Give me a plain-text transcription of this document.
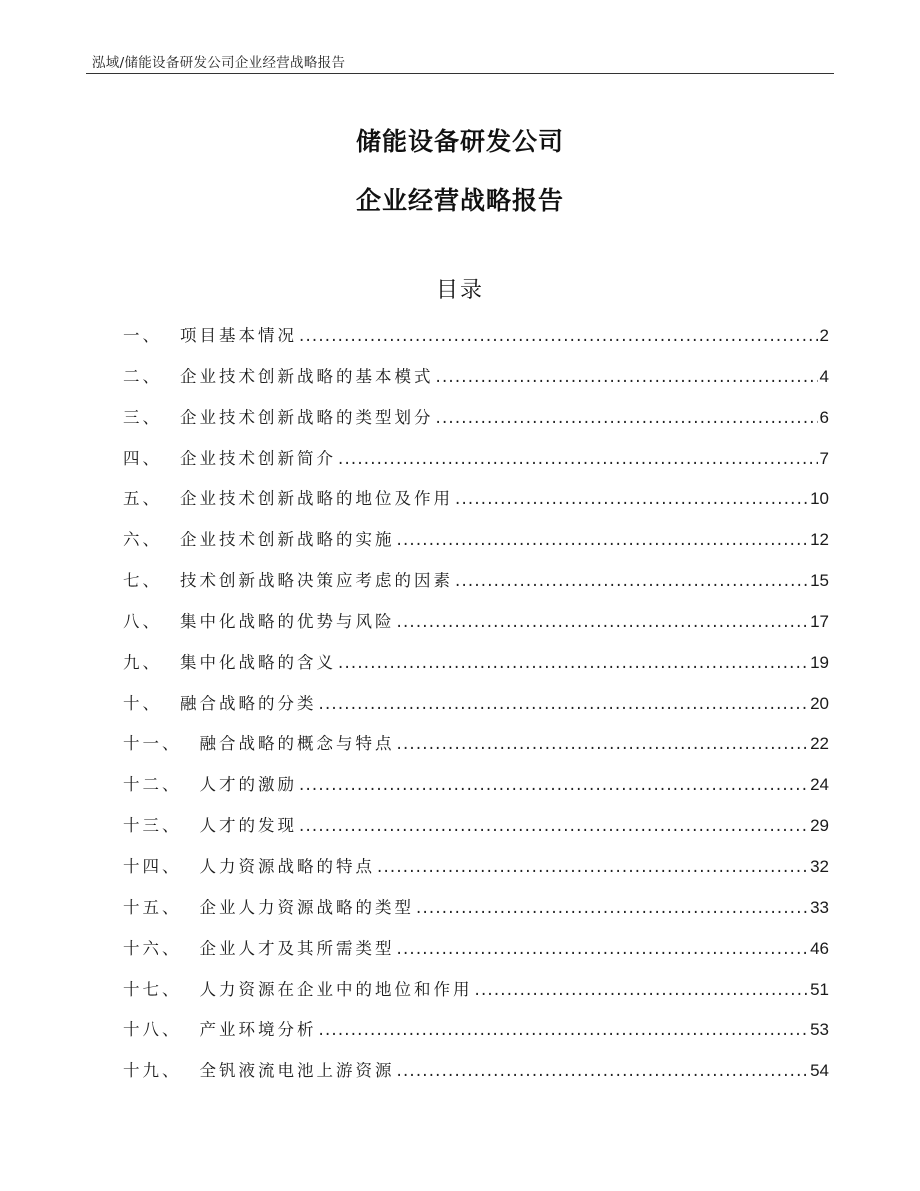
泓域/储能设备研发公司企业经营战略报告
储能设备研发公司
企业经营战略报告
目录
一、 项目基本情况 .....	2
二、 企业技术创新战略的基本模式 .....	4
三、 企业技术创新战略的类型划分 .....	6
四、 企业技术创新简介 .....	7
五、 企业技术创新战略的地位及作用 .....	10
六、 企业技术创新战略的实施 .....	12
七、 技术创新战略决策应考虑的因素 .....	15
八、 集中化战略的优势与风险 .....	17
九、 集中化战略的含义 .....	19
十、 融合战略的分类 .....	20
十一、 融合战略的概念与特点 .....	22
十二、 人才的激励 .....	24
十三、 人才的发现 .....	29
十四、 人力资源战略的特点 .....	32
十五、 企业人力资源战略的类型 .....	33
十六、 企业人才及其所需类型 .....	46
十七、 人力资源在企业中的地位和作用 .....	51
十八、 产业环境分析 .....	53
十九、 全钒液流电池上游资源 .....	54
